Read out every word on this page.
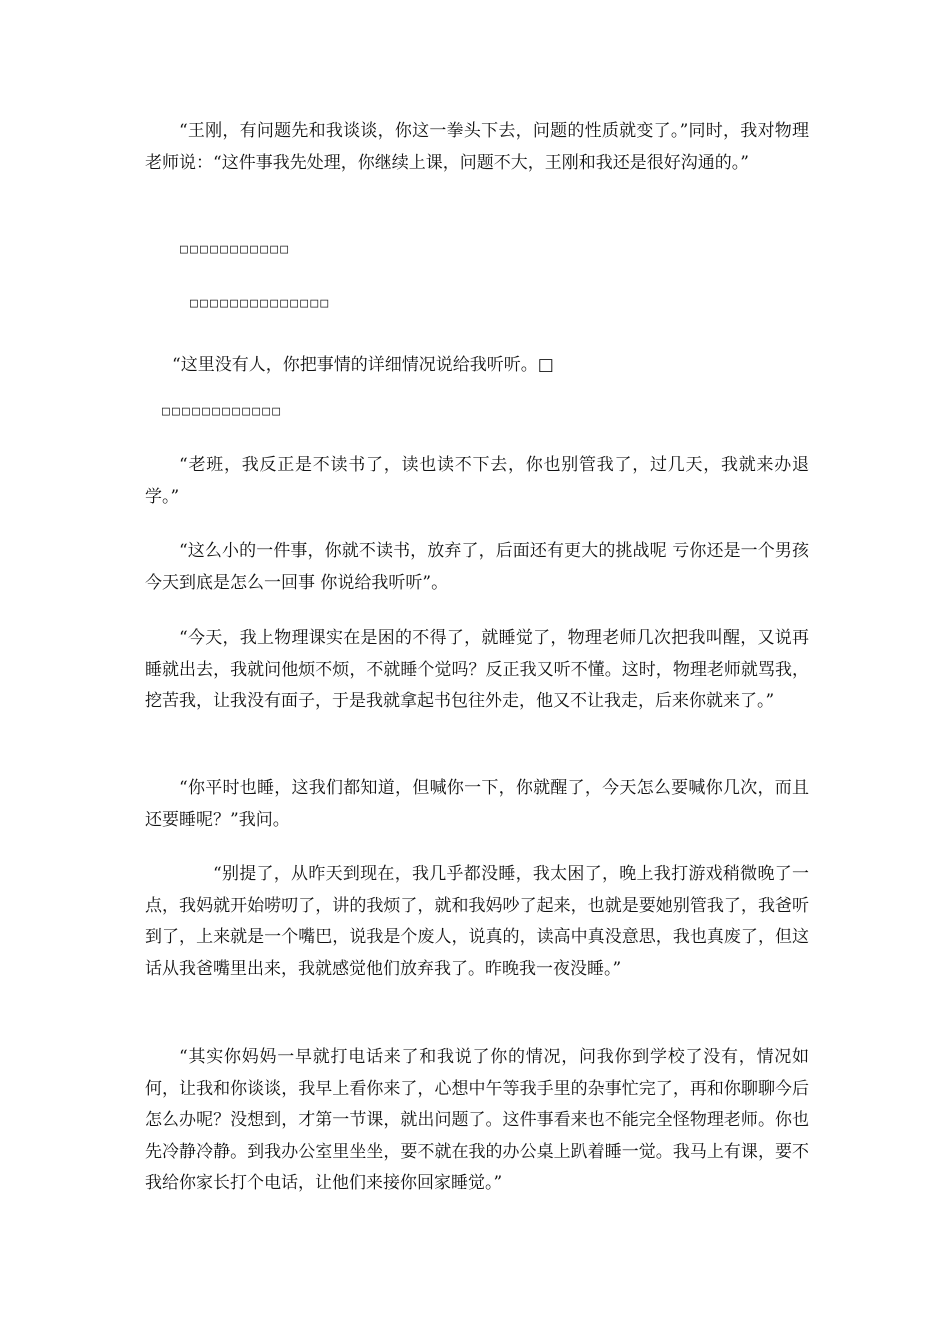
“王刚，有问题先和我谈谈，你这一拳头下去，问题的性质就变了。”同时，我对物理老师说：“这件事我先处理，你继续上课，问题不大，王刚和我还是很好沟通的。”

□□□□□□□□□□□

□□□□□□□□□□□□□□

“这里没有人，你把事情的详细情况说给我听听。□

□□□□□□□□□□□□

“老班，我反正是不读书了，读也读不下去，你也别管我了，过几天，我就来办退学。”

“这么小的一件事，你就不读书，放弃了，后面还有更大的挑战呢 亏你还是一个男孩 今天到底是怎么一回事 你说给我听听”。

“今天，我上物理课实在是困的不得了，就睡觉了，物理老师几次把我叫醒，又说再睡就出去，我就问他烦不烦，不就睡个觉吗？反正我又听不懂。这时，物理老师就骂我，挖苦我，让我没有面子，于是我就拿起书包往外走，他又不让我走，后来你就来了。”

“你平时也睡，这我们都知道，但喊你一下，你就醒了，今天怎么要喊你几次，而且还要睡呢？”我问。

“别提了，从昨天到现在，我几乎都没睡，我太困了，晚上我打游戏稍微晚了一点，我妈就开始唠叨了，讲的我烦了，就和我妈吵了起来，也就是要她别管我了，我爸听到了，上来就是一个嘴巴，说我是个废人，说真的，读高中真没意思，我也真废了，但这话从我爸嘴里出来，我就感觉他们放弃我了。昨晚我一夜没睡。”

“其实你妈妈一早就打电话来了和我说了你的情况，问我你到学校了没有，情况如何，让我和你谈谈，我早上看你来了，心想中午等我手里的杂事忙完了，再和你聊聊今后怎么办呢？没想到，才第一节课，就出问题了。这件事看来也不能完全怪物理老师。你也先冷静冷静。到我办公室里坐坐，要不就在我的办公桌上趴着睡一觉。我马上有课，要不我给你家长打个电话，让他们来接你回家睡觉。”
